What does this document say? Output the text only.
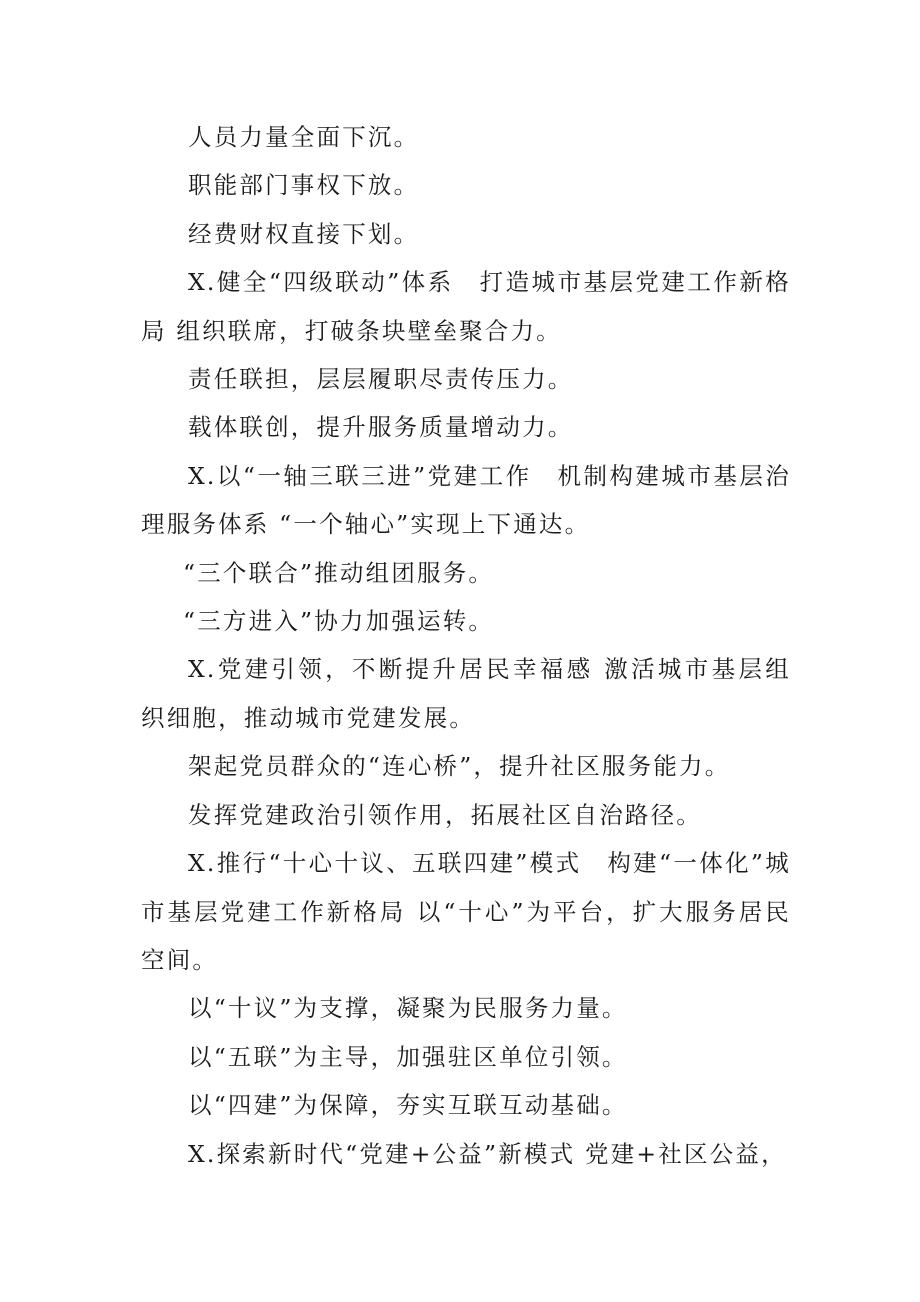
人员力量全面下沉。

职能部门事权下放。

经费财权直接下划。

X.健全“四级联动”体系　打造城市基层党建工作新格局 组织联席，打破条块壁垒聚合力。

责任联担，层层履职尽责传压力。

载体联创，提升服务质量增动力。

X.以“一轴三联三进”党建工作　机制构建城市基层治理服务体系 “一个轴心”实现上下通达。

“三个联合”推动组团服务。

“三方进入”协力加强运转。

X.党建引领，不断提升居民幸福感 激活城市基层组织细胞，推动城市党建发展。

架起党员群众的“连心桥”，提升社区服务能力。

发挥党建政治引领作用，拓展社区自治路径。

X.推行“十心十议、五联四建”模式　构建“一体化”城市基层党建工作新格局 以“十心”为平台，扩大服务居民空间。

以“十议”为支撑，凝聚为民服务力量。

以“五联”为主导，加强驻区单位引领。

以“四建”为保障，夯实互联互动基础。

X.探索新时代“党建+公益”新模式 党建+社区公益，
